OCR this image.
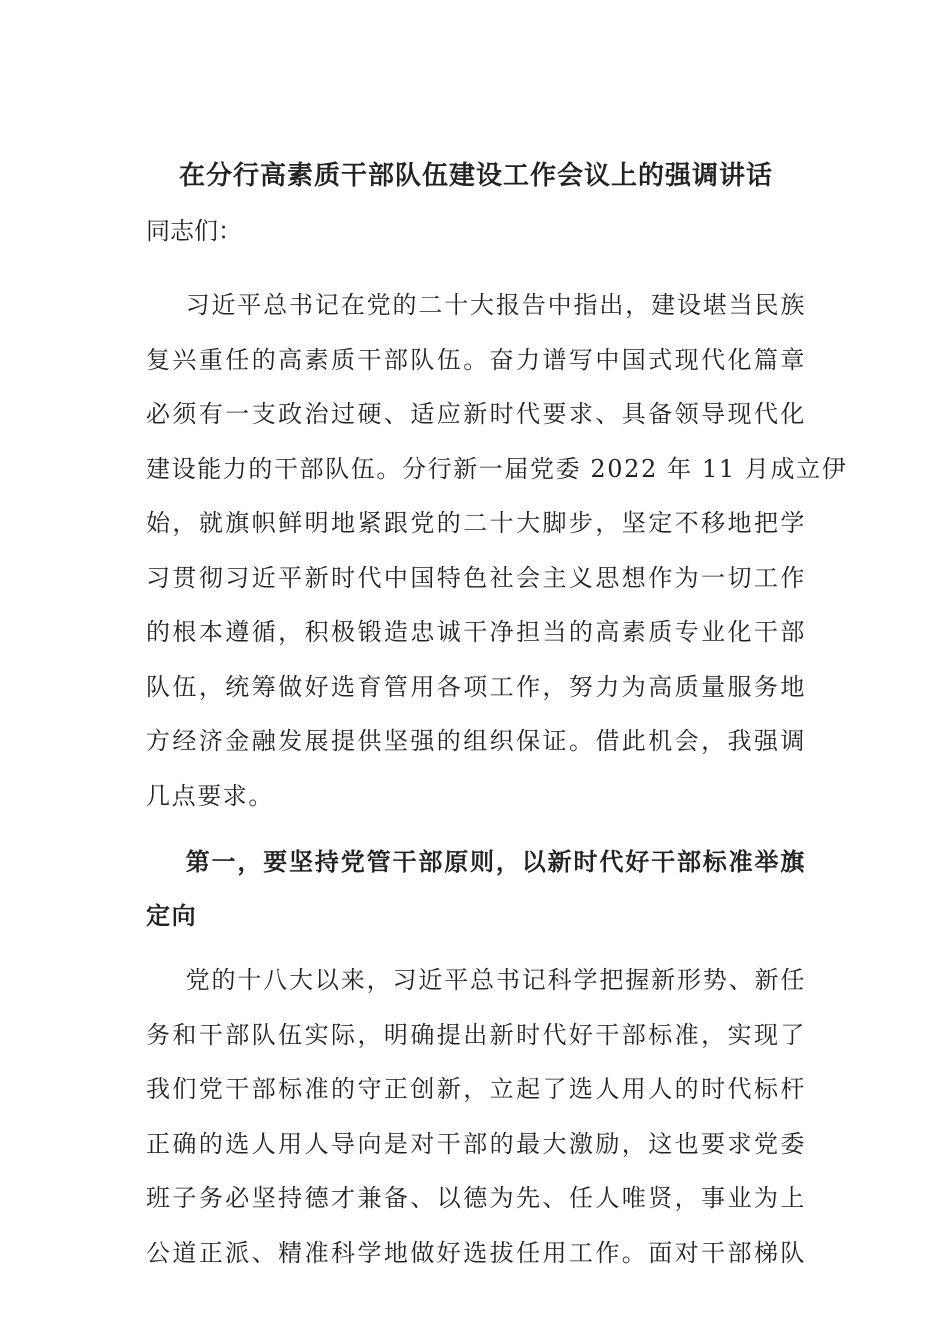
在分行高素质干部队伍建设工作会议上的强调讲话

同志们：

习近平总书记在党的二十大报告中指出，建设堪当民族
复兴重任的高素质干部队伍。奋力谱写中国式现代化篇章
必须有一支政治过硬、适应新时代要求、具备领导现代化
建设能力的干部队伍。分行新一届党委 2022 年 11 月成立伊
始，就旗帜鲜明地紧跟党的二十大脚步，坚定不移地把学
习贯彻习近平新时代中国特色社会主义思想作为一切工作
的根本遵循，积极锻造忠诚干净担当的高素质专业化干部
队伍，统筹做好选育管用各项工作，努力为高质量服务地
方经济金融发展提供坚强的组织保证。借此机会，我强调
几点要求。

第一，要坚持党管干部原则，以新时代好干部标准举旗
定向

党的十八大以来，习近平总书记科学把握新形势、新任
务和干部队伍实际，明确提出新时代好干部标准，实现了
我们党干部标准的守正创新，立起了选人用人的时代标杆
正确的选人用人导向是对干部的最大激励，这也要求党委
班子务必坚持德才兼备、以德为先、任人唯贤，事业为上
公道正派、精准科学地做好选拔任用工作。面对干部梯队
